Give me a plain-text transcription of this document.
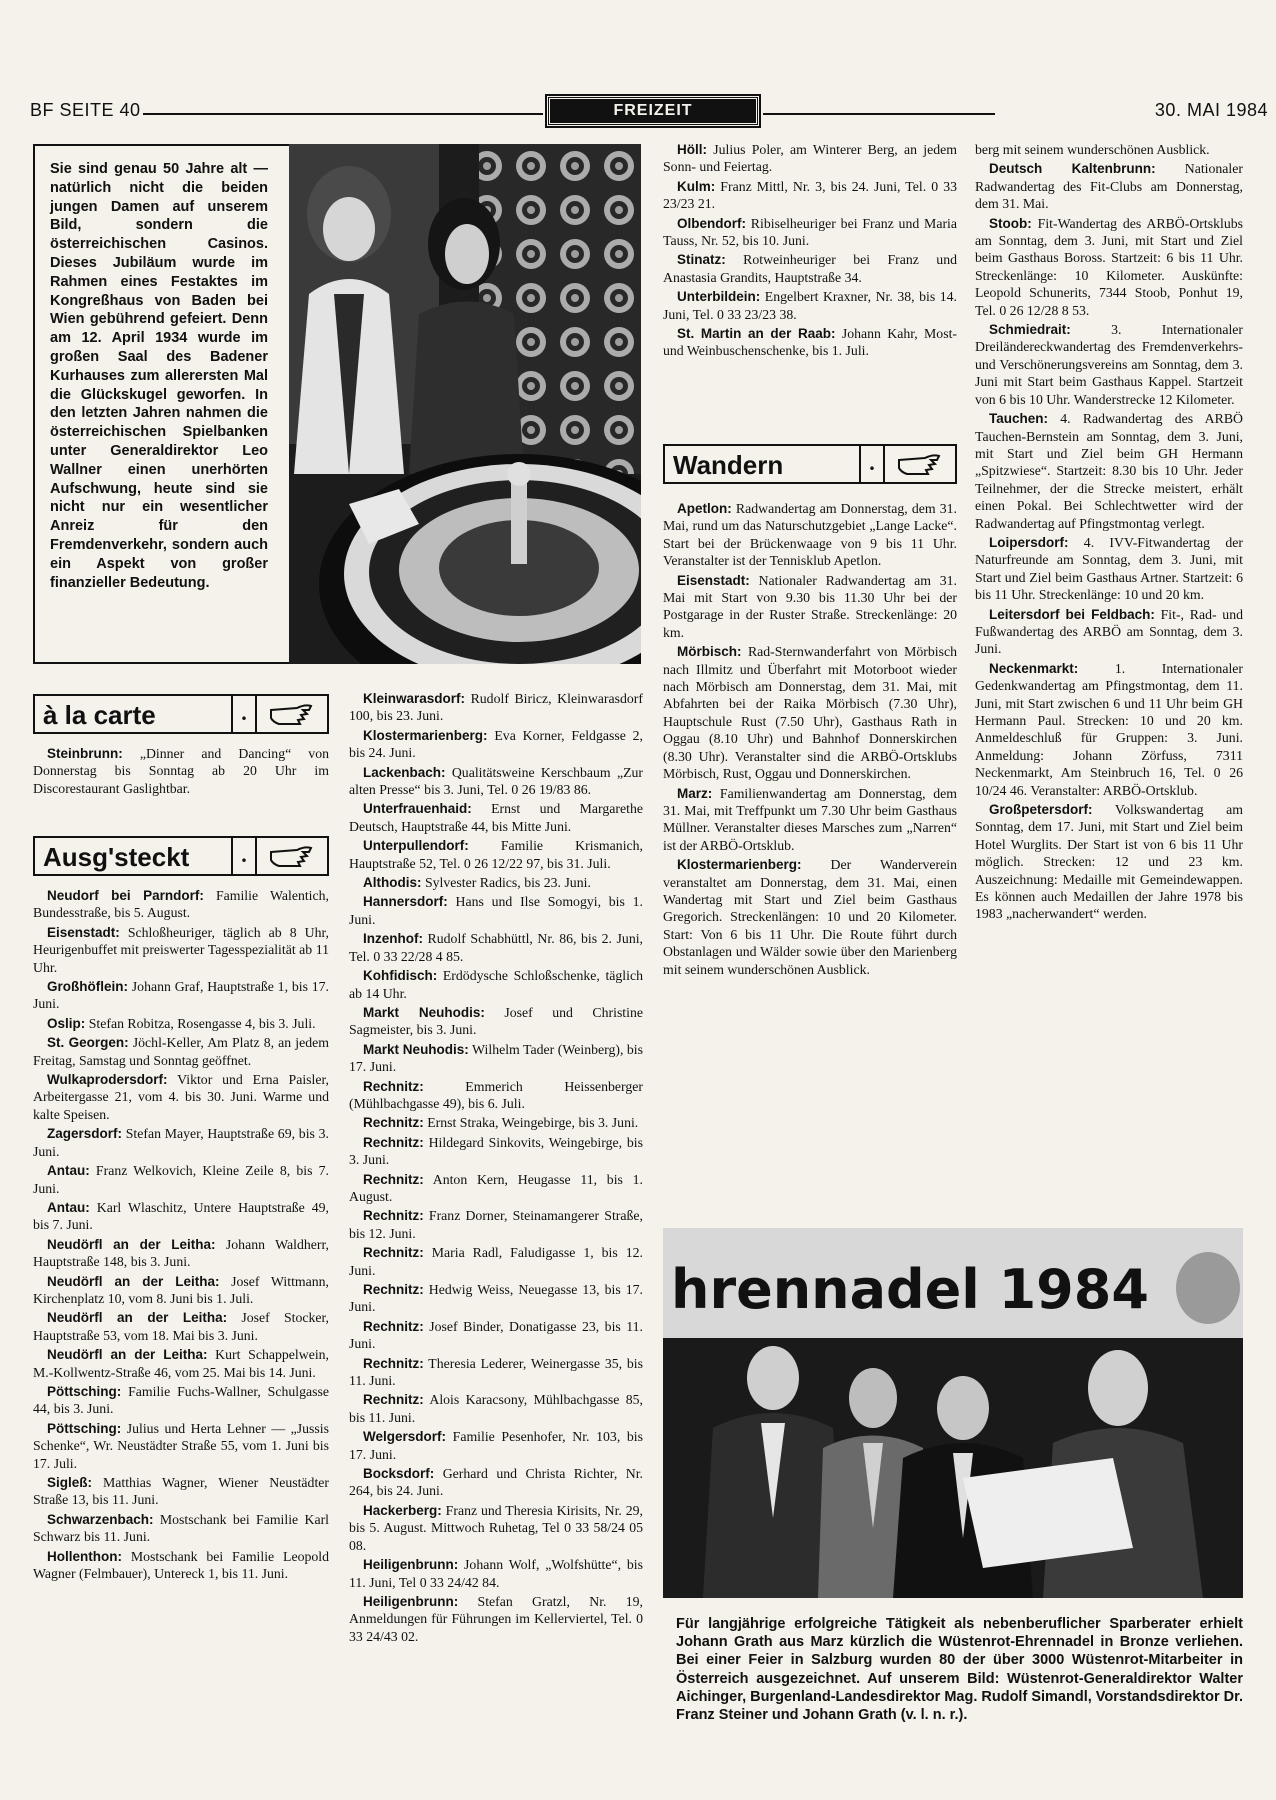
BF SEITE 40	FREIZEIT	30. MAI 1984
Sie sind genau 50 Jahre alt — natürlich nicht die beiden jungen Damen auf unserem Bild, sondern die österreichischen Casinos. Dieses Jubiläum wurde im Rahmen eines Festaktes im Kongreßhaus von Baden bei Wien gebührend gefeiert. Denn am 12. April 1934 wurde im großen Saal des Badener Kurhauses zum allerersten Mal die Glückskugel geworfen. In den letzten Jahren nahmen die österreichischen Spielbanken unter Generaldirektor Leo Wallner einen unerhörten Aufschwung, heute sind sie nicht nur ein wesentlicher Anreiz für den Fremdenverkehr, sondern auch ein Aspekt von großer finanzieller Bedeutung.
à la carte	.

Steinbrunn: „Dinner and Dancing“ von Donnerstag bis Sonntag ab 20 Uhr im Discorestaurant Gaslightbar.

Ausg'steckt	.

Neudorf bei Parndorf: Familie Walentich, Bundesstraße, bis 5. August.

Eisenstadt: Schloßheuriger, täglich ab 8 Uhr, Heurigenbuffet mit preiswerter Tagesspezialität ab 11 Uhr.

Großhöflein: Johann Graf, Hauptstraße 1, bis 17. Juni.

Oslip: Stefan Robitza, Rosengasse 4, bis 3. Juli.

St. Georgen: Jöchl-Keller, Am Platz 8, an jedem Freitag, Samstag und Sonntag geöffnet.

Wulkaprodersdorf: Viktor und Erna Paisler, Arbeitergasse 21, vom 4. bis 30. Juni. Warme und kalte Speisen.

Zagersdorf: Stefan Mayer, Hauptstraße 69, bis 3. Juni.

Antau: Franz Welkovich, Kleine Zeile 8, bis 7. Juni.

Antau: Karl Wlaschitz, Untere Hauptstraße 49, bis 7. Juni.

Neudörfl an der Leitha: Johann Waldherr, Hauptstraße 148, bis 3. Juni.

Neudörfl an der Leitha: Josef Wittmann, Kirchenplatz 10, vom 8. Juni bis 1. Juli.

Neudörfl an der Leitha: Josef Stocker, Hauptstraße 53, vom 18. Mai bis 3. Juni.

Neudörfl an der Leitha: Kurt Schappelwein, M.-Kollwentz-Straße 46, vom 25. Mai bis 14. Juni.

Pöttsching: Familie Fuchs-Wallner, Schulgasse 44, bis 3. Juni.

Pöttsching: Julius und Herta Lehner — „Jussis Schenke“, Wr. Neustädter Straße 55, vom 1. Juni bis 17. Juli.

Sigleß: Matthias Wagner, Wiener Neustädter Straße 13, bis 11. Juni.

Schwarzenbach: Mostschank bei Familie Karl Schwarz bis 11. Juni.

Hollenthon: Mostschank bei Familie Leopold Wagner (Felmbauer), Untereck 1, bis 11. Juni.

Kleinwarasdorf: Rudolf Biricz, Kleinwarasdorf 100, bis 23. Juni.

Klostermarienberg: Eva Korner, Feldgasse 2, bis 24. Juni.

Lackenbach: Qualitätsweine Kerschbaum „Zur alten Presse“ bis 3. Juni, Tel. 0 26 19/83 86.

Unterfrauenhaid: Ernst und Margarethe Deutsch, Hauptstraße 44, bis Mitte Juni.

Unterpullendorf: Familie Krismanich, Hauptstraße 52, Tel. 0 26 12/22 97, bis 31. Juli.

Althodis: Sylvester Radics, bis 23. Juni.

Hannersdorf: Hans und Ilse Somogyi, bis 1. Juni.

Inzenhof: Rudolf Schabhüttl, Nr. 86, bis 2. Juni, Tel. 0 33 22/28 4 85.

Kohfidisch: Erdödysche Schloßschenke, täglich ab 14 Uhr.

Markt Neuhodis: Josef und Christine Sagmeister, bis 3. Juni.

Markt Neuhodis: Wilhelm Tader (Weinberg), bis 17. Juni.

Rechnitz: Emmerich Heissenberger (Mühlbachgasse 49), bis 6. Juli.

Rechnitz: Ernst Straka, Weingebirge, bis 3. Juni.

Rechnitz: Hildegard Sinkovits, Weingebirge, bis 3. Juni.

Rechnitz: Anton Kern, Heugasse 11, bis 1. August.

Rechnitz: Franz Dorner, Steinamangerer Straße, bis 12. Juni.

Rechnitz: Maria Radl, Faludigasse 1, bis 12. Juni.

Rechnitz: Hedwig Weiss, Neuegasse 13, bis 17. Juni.

Rechnitz: Josef Binder, Donatigasse 23, bis 11. Juni.

Rechnitz: Theresia Lederer, Weinergasse 35, bis 11. Juni.

Rechnitz: Alois Karacsony, Mühlbachgasse 85, bis 11. Juni.

Welgersdorf: Familie Pesenhofer, Nr. 103, bis 17. Juni.

Bocksdorf: Gerhard und Christa Richter, Nr. 264, bis 24. Juni.

Hackerberg: Franz und Theresia Kirisits, Nr. 29, bis 5. August. Mittwoch Ruhetag, Tel 0 33 58/24 05 08.

Heiligenbrunn: Johann Wolf, „Wolfshütte“, bis 11. Juni, Tel 0 33 24/42 84.

Heiligenbrunn: Stefan Gratzl, Nr. 19, Anmeldungen für Führungen im Kellerviertel, Tel. 0 33 24/43 02.

Höll: Julius Poler, am Winterer Berg, an jedem Sonn- und Feiertag.

Kulm: Franz Mittl, Nr. 3, bis 24. Juni, Tel. 0 33 23/23 21.

Olbendorf: Ribiselheuriger bei Franz und Maria Tauss, Nr. 52, bis 10. Juni.

Stinatz: Rotweinheuriger bei Franz und Anastasia Grandits, Hauptstraße 34.

Unterbildein: Engelbert Kraxner, Nr. 38, bis 14. Juni, Tel. 0 33 23/23 38.

St. Martin an der Raab: Johann Kahr, Most- und Weinbuschenschenke, bis 1. Juli.

Wandern	.

Apetlon: Radwandertag am Donnerstag, dem 31. Mai, rund um das Naturschutzgebiet „Lange Lacke“. Start bei der Brückenwaage von 9 bis 11 Uhr. Veranstalter ist der Tennisklub Apetlon.

Eisenstadt: Nationaler Radwandertag am 31. Mai mit Start von 9.30 bis 11.30 Uhr bei der Postgarage in der Ruster Straße. Streckenlänge: 20 km.

Mörbisch: Rad-Sternwanderfahrt von Mörbisch nach Illmitz und Überfahrt mit Motorboot wieder nach Mörbisch am Donnerstag, dem 31. Mai, mit Abfahrten bei der Raika Mörbisch (7.30 Uhr), Hauptschule Rust (7.50 Uhr), Gasthaus Rath in Oggau (8.10 Uhr) und Bahnhof Donnerskirchen (8.30 Uhr). Veranstalter sind die ARBÖ-Ortsklubs Mörbisch, Rust, Oggau und Donnerskirchen.

Marz: Familienwandertag am Donnerstag, dem 31. Mai, mit Treffpunkt um 7.30 Uhr beim Gasthaus Müllner. Veranstalter dieses Marsches zum „Narren“ ist der ARBÖ-Ortsklub.

Klostermarienberg: Der Wanderverein veranstaltet am Donnerstag, dem 31. Mai, einen Wandertag mit Start und Ziel beim Gasthaus Gregorich. Streckenlängen: 10 und 20 Kilometer. Start: Von 6 bis 11 Uhr. Die Route führt durch Obstanlagen und Wälder sowie über den Marienberg mit seinem wunderschönen Ausblick.

berg mit seinem wunderschönen Ausblick.

Deutsch Kaltenbrunn: Nationaler Radwandertag des Fit-Clubs am Donnerstag, dem 31. Mai.

Stoob: Fit-Wandertag des ARBÖ-Ortsklubs am Sonntag, dem 3. Juni, mit Start und Ziel beim Gasthaus Boross. Startzeit: 6 bis 11 Uhr. Streckenlänge: 10 Kilometer. Auskünfte: Leopold Schunerits, 7344 Stoob, Ponhut 19, Tel. 0 26 12/28 8 53.

Schmiedrait: 3. Internationaler Dreiländereckwandertag des Fremdenverkehrs- und Verschönerungsvereins am Sonntag, dem 3. Juni mit Start beim Gasthaus Kappel. Startzeit von 6 bis 10 Uhr. Wanderstrecke 12 Kilometer.

Tauchen: 4. Radwandertag des ARBÖ Tauchen-Bernstein am Sonntag, dem 3. Juni, mit Start und Ziel beim GH Hermann „Spitzwiese“. Startzeit: 8.30 bis 10 Uhr. Jeder Teilnehmer, der die Strecke meistert, erhält einen Pokal. Bei Schlechtwetter wird der Radwandertag auf Pfingstmontag verlegt.

Loipersdorf: 4. IVV-Fitwandertag der Naturfreunde am Sonntag, dem 3. Juni, mit Start und Ziel beim Gasthaus Artner. Startzeit: 6 bis 11 Uhr. Streckenlänge: 10 und 20 km.

Leitersdorf bei Feldbach: Fit-, Rad- und Fußwandertag des ARBÖ am Sonntag, dem 3. Juni.

Neckenmarkt: 1. Internationaler Gedenkwandertag am Pfingstmontag, dem 11. Juni, mit Start zwischen 6 und 11 Uhr beim GH Hermann Paul. Strecken: 10 und 20 km. Anmeldeschluß für Gruppen: 3. Juni. Anmeldung: Johann Zörfuss, 7311 Neckenmarkt, Am Steinbruch 16, Tel. 0 26 10/24 46. Veranstalter: ARBÖ-Ortsklub.

Großpetersdorf: Volkswandertag am Sonntag, dem 17. Juni, mit Start und Ziel beim Hotel Wurglits. Der Start ist von 6 bis 11 Uhr möglich. Strecken: 12 und 23 km. Auszeichnung: Medaille mit Gemeindewappen. Es können auch Medaillen der Jahre 1978 bis 1983 „nacherwandert“ werden.

hrennadel 1984
Für langjährige erfolgreiche Tätigkeit als nebenberuflicher Sparberater erhielt Johann Grath aus Marz kürzlich die Wüstenrot-Ehrennadel in Bronze verliehen. Bei einer Feier in Salzburg wurden 80 der über 3000 Wüstenrot-Mitarbeiter in Österreich ausgezeichnet. Auf unserem Bild: Wüstenrot-Generaldirektor Walter Aichinger, Burgenland-Landesdirektor Mag. Rudolf Simandl, Vorstandsdirektor Dr. Franz Steiner und Johann Grath (v. l. n. r.).
